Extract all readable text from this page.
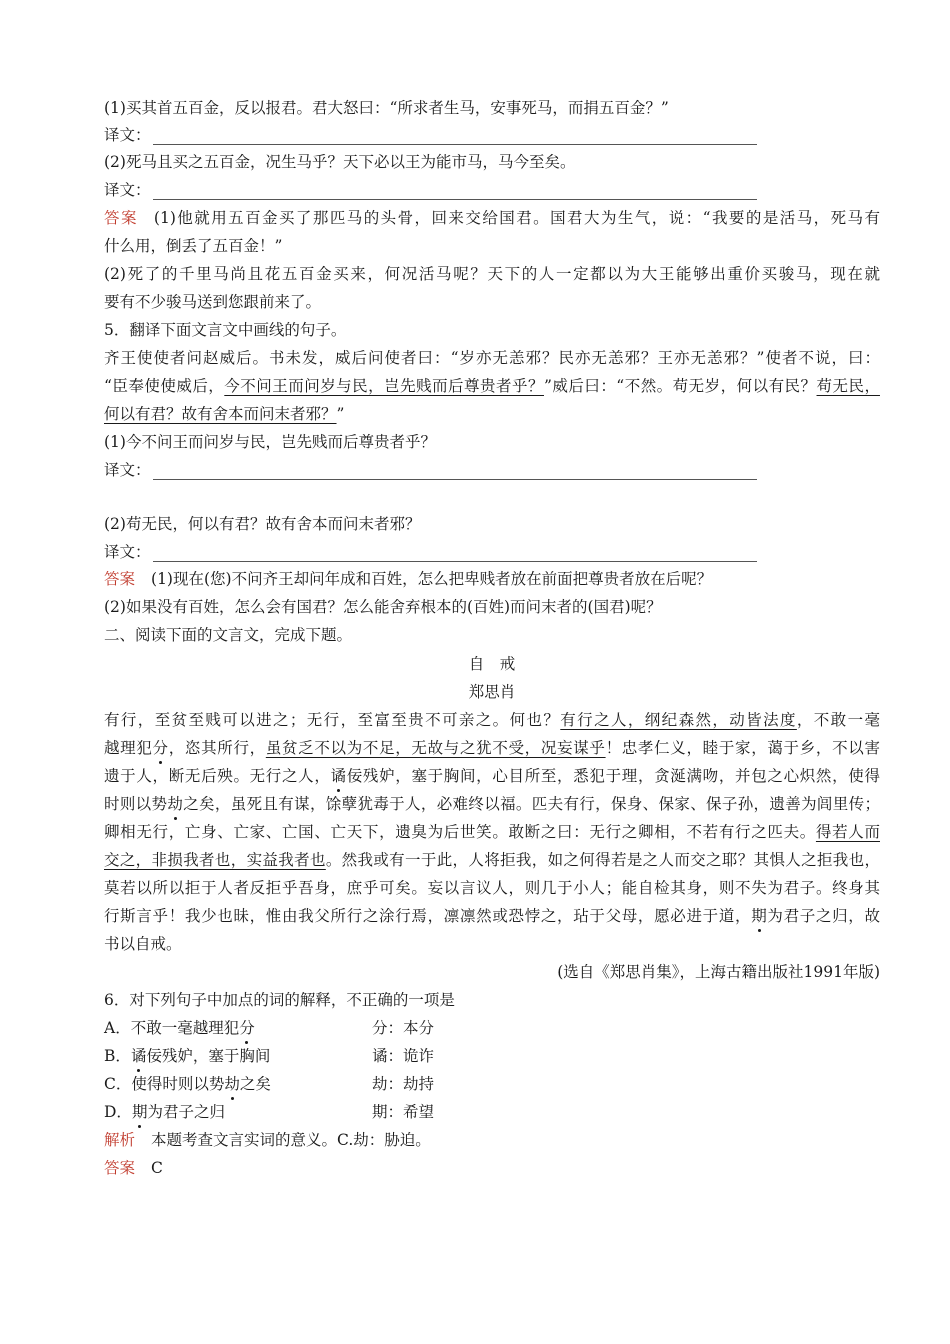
(1)买其首五百金，反以报君。君大怒曰：“所求者生马，安事死马，而捐五百金？”
译文：
(2)死马且买之五百金，况生马乎？天下必以王为能市马，马今至矣。
译文：
答案 (1)他就用五百金买了那匹马的头骨，回来交给国君。国君大为生气，说：“我要的是活马，死马有
什么用，倒丢了五百金！”
(2)死了的千里马尚且花五百金买来，何况活马呢？天下的人一定都以为大王能够出重价买骏马，现在就
要有不少骏马送到您跟前来了。
5．翻译下面文言文中画线的句子。
齐王使使者问赵威后。书未发，威后问使者曰：“岁亦无恙邪？民亦无恙邪？王亦无恙邪？”使者不说，曰：
“臣奉使使威后，今不问王而问岁与民，岂先贱而后尊贵者乎？”威后曰：“不然。苟无岁，何以有民？苟无民，
何以有君？故有舍本而问末者邪？”
(1)今不问王而问岁与民，岂先贱而后尊贵者乎？
译文：
(2)苟无民，何以有君？故有舍本而问末者邪？
译文：
答案 (1)现在(您)不问齐王却问年成和百姓，怎么把卑贱者放在前面把尊贵者放在后呢？
(2)如果没有百姓，怎么会有国君？怎么能舍弃根本的(百姓)而问末者的(国君)呢？
二、阅读下面的文言文，完成下题。
自　戒
郑思肖
有行，至贫至贱可以进之；无行，至富至贵不可亲之。何也？有行之人，纲纪森然，动皆法度，不敢一毫
越理犯分，恣其所行，虽贫乏不以为不足，无故与之犹不受，况妄谋乎！忠孝仁义，睦于家，蔼于乡，不以害
遗于人，断无后殃。无行之人，谲佞残妒，塞于胸间，心目所至，悉犯于理，贪涎满吻，并包之心炽然，使得
时则以势劫之矣，虽死且有谋，馀孽犹毒于人，必难终以福。匹夫有行，保身、保家、保子孙，遗善为闾里传；
卿相无行，亡身、亡家、亡国、亡天下，遗臭为后世笑。敢断之曰：无行之卿相，不若有行之匹夫。得若人而
交之，非损我者也，实益我者也。然我或有一于此，人将拒我，如之何得若是之人而交之耶？其惧人之拒我也，
莫若以所以拒于人者反拒乎吾身，庶乎可矣。妄以言议人，则几于小人；能自检其身，则不失为君子。终身其
行斯言乎！我少也昧，惟由我父所行之涂行焉，凛凛然或恐悖之，玷于父母，愿必进于道，期为君子之归，故
书以自戒。
(选自《郑思肖集》，上海古籍出版社1991年版)
6．对下列句子中加点的词的解释，不正确的一项是
A．不敢一毫越理犯分	分：本分
B．谲佞残妒，塞于胸间	谲：诡诈
C．使得时则以势劫之矣	劫：劫持
D．期为君子之归	期：希望
解析 本题考查文言实词的意义。C.劫：胁迫。
答案 C
